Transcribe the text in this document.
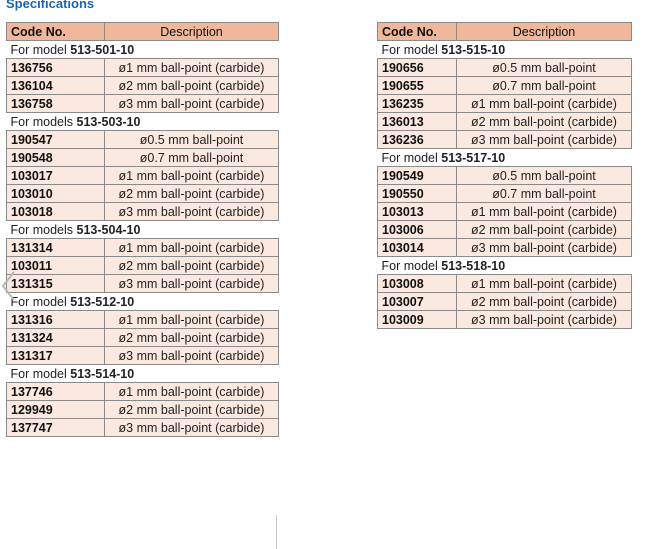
Specifications
Code No.	Description
For model 513-501-10	
136756	ø1 mm ball-point (carbide)
136104	ø2 mm ball-point (carbide)
136758	ø3 mm ball-point (carbide)
For models 513-503-10	
190547	ø0.5 mm ball-point
190548	ø0.7 mm ball-point
103017	ø1 mm ball-point (carbide)
103010	ø2 mm ball-point (carbide)
103018	ø3 mm ball-point (carbide)
For models 513-504-10	
131314	ø1 mm ball-point (carbide)
103011	ø2 mm ball-point (carbide)
131315	ø3 mm ball-point (carbide)
For model 513-512-10	
131316	ø1 mm ball-point (carbide)
131324	ø2 mm ball-point (carbide)
131317	ø3 mm ball-point (carbide)
For model 513-514-10	
137746	ø1 mm ball-point (carbide)
129949	ø2 mm ball-point (carbide)
137747	ø3 mm ball-point (carbide)
Code No.	Description
For model 513-515-10	
190656	ø0.5 mm ball-point
190655	ø0.7 mm ball-point
136235	ø1 mm ball-point (carbide)
136013	ø2 mm ball-point (carbide)
136236	ø3 mm ball-point (carbide)
For model 513-517-10	
190549	ø0.5 mm ball-point
190550	ø0.7 mm ball-point
103013	ø1 mm ball-point (carbide)
103006	ø2 mm ball-point (carbide)
103014	ø3 mm ball-point (carbide)
For model 513-518-10	
103008	ø1 mm ball-point (carbide)
103007	ø2 mm ball-point (carbide)
103009	ø3 mm ball-point (carbide)
